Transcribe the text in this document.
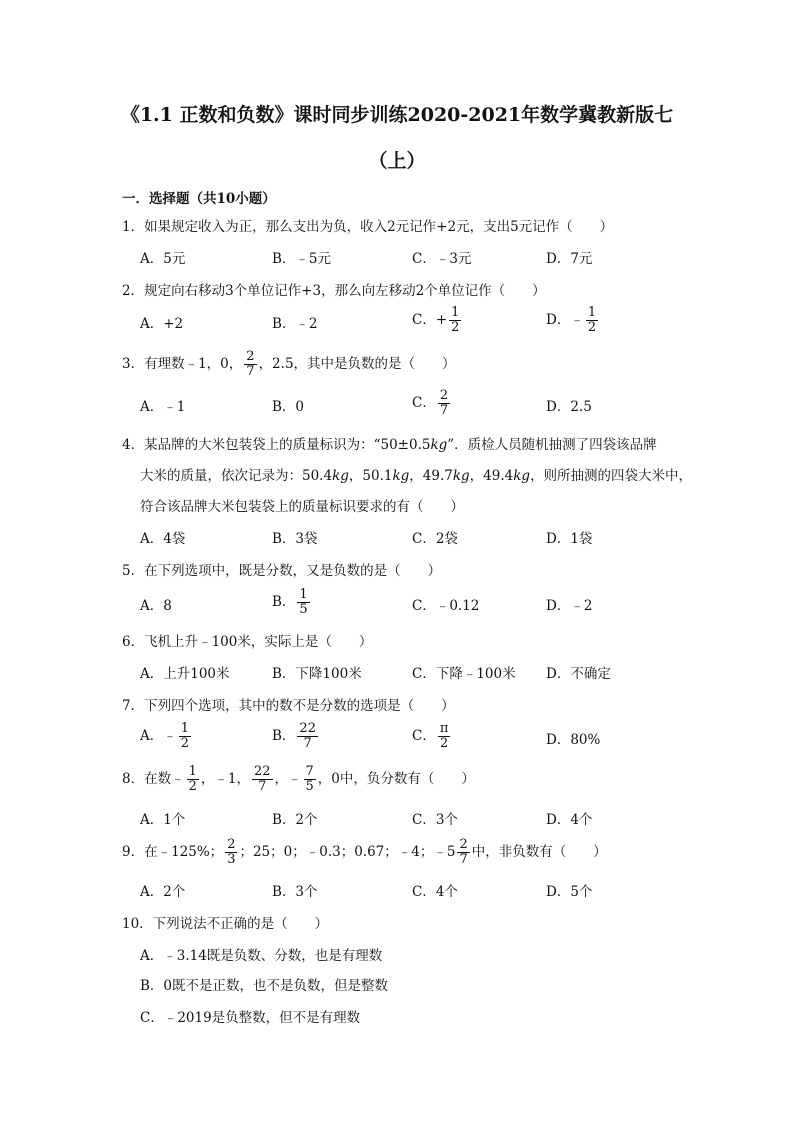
《1.1 正数和负数》课时同步训练2020-2021年数学冀教新版七
（上）
一．选择题（共10小题）
1．如果规定收入为正，那么支出为负，收入2元记作+2元，支出5元记作（　　）
A．5元	B．﹣5元	C．﹣3元	D．7元
2．规定向右移动3个单位记作+3，那么向左移动2个单位记作（　　）
A．+2	B．﹣2	C．+ $\frac{1}{2}$	D．﹣ $\frac{1}{2}$
3．有理数﹣1，0， $\frac{2}{7}$ ，2.5，其中是负数的是（　　）
A．﹣1	B．0	C． $\frac{2}{7}$	D．2.5
4．某品牌的大米包装袋上的质量标识为：“50±0.5kg”．质检人员随机抽测了四袋该品牌
大米的质量，依次记录为：50.4kg，50.1kg，49.7kg，49.4kg，则所抽测的四袋大米中，
符合该品牌大米包装袋上的质量标识要求的有（　　）
A．4袋	B．3袋	C．2袋	D．1袋
5．在下列选项中，既是分数，又是负数的是（　　）
A．8	B． $\frac{1}{5}$	C．﹣0.12	D．﹣2
6．飞机上升﹣100米，实际上是（　　）
A．上升100米	B．下降100米	C．下降﹣100米 D．不确定
7．下列四个选项，其中的数不是分数的选项是（　　）
A．﹣ $\frac{1}{2}$	B． $\frac{22}{7}$	C． $\frac{\pi}{2}$	D．80%
8．在数﹣ $\frac{1}{2}$ ，﹣1， $\frac{22}{7}$ ，﹣ $\frac{7}{5}$ ，0中，负分数有（　　）
A．1个	B．2个	C．3个	D．4个
9．在﹣125%； $\frac{2}{3}$ ；25；0；﹣0.3；0.67；﹣4；﹣5 $\frac{2}{7}$ 中，非负数有（　　）
A．2个	B．3个	C．4个	D．5个
10．下列说法不正确的是（　　）
A．﹣3.14既是负数、分数，也是有理数
B．0既不是正数，也不是负数，但是整数
C．﹣2019是负整数，但不是有理数
